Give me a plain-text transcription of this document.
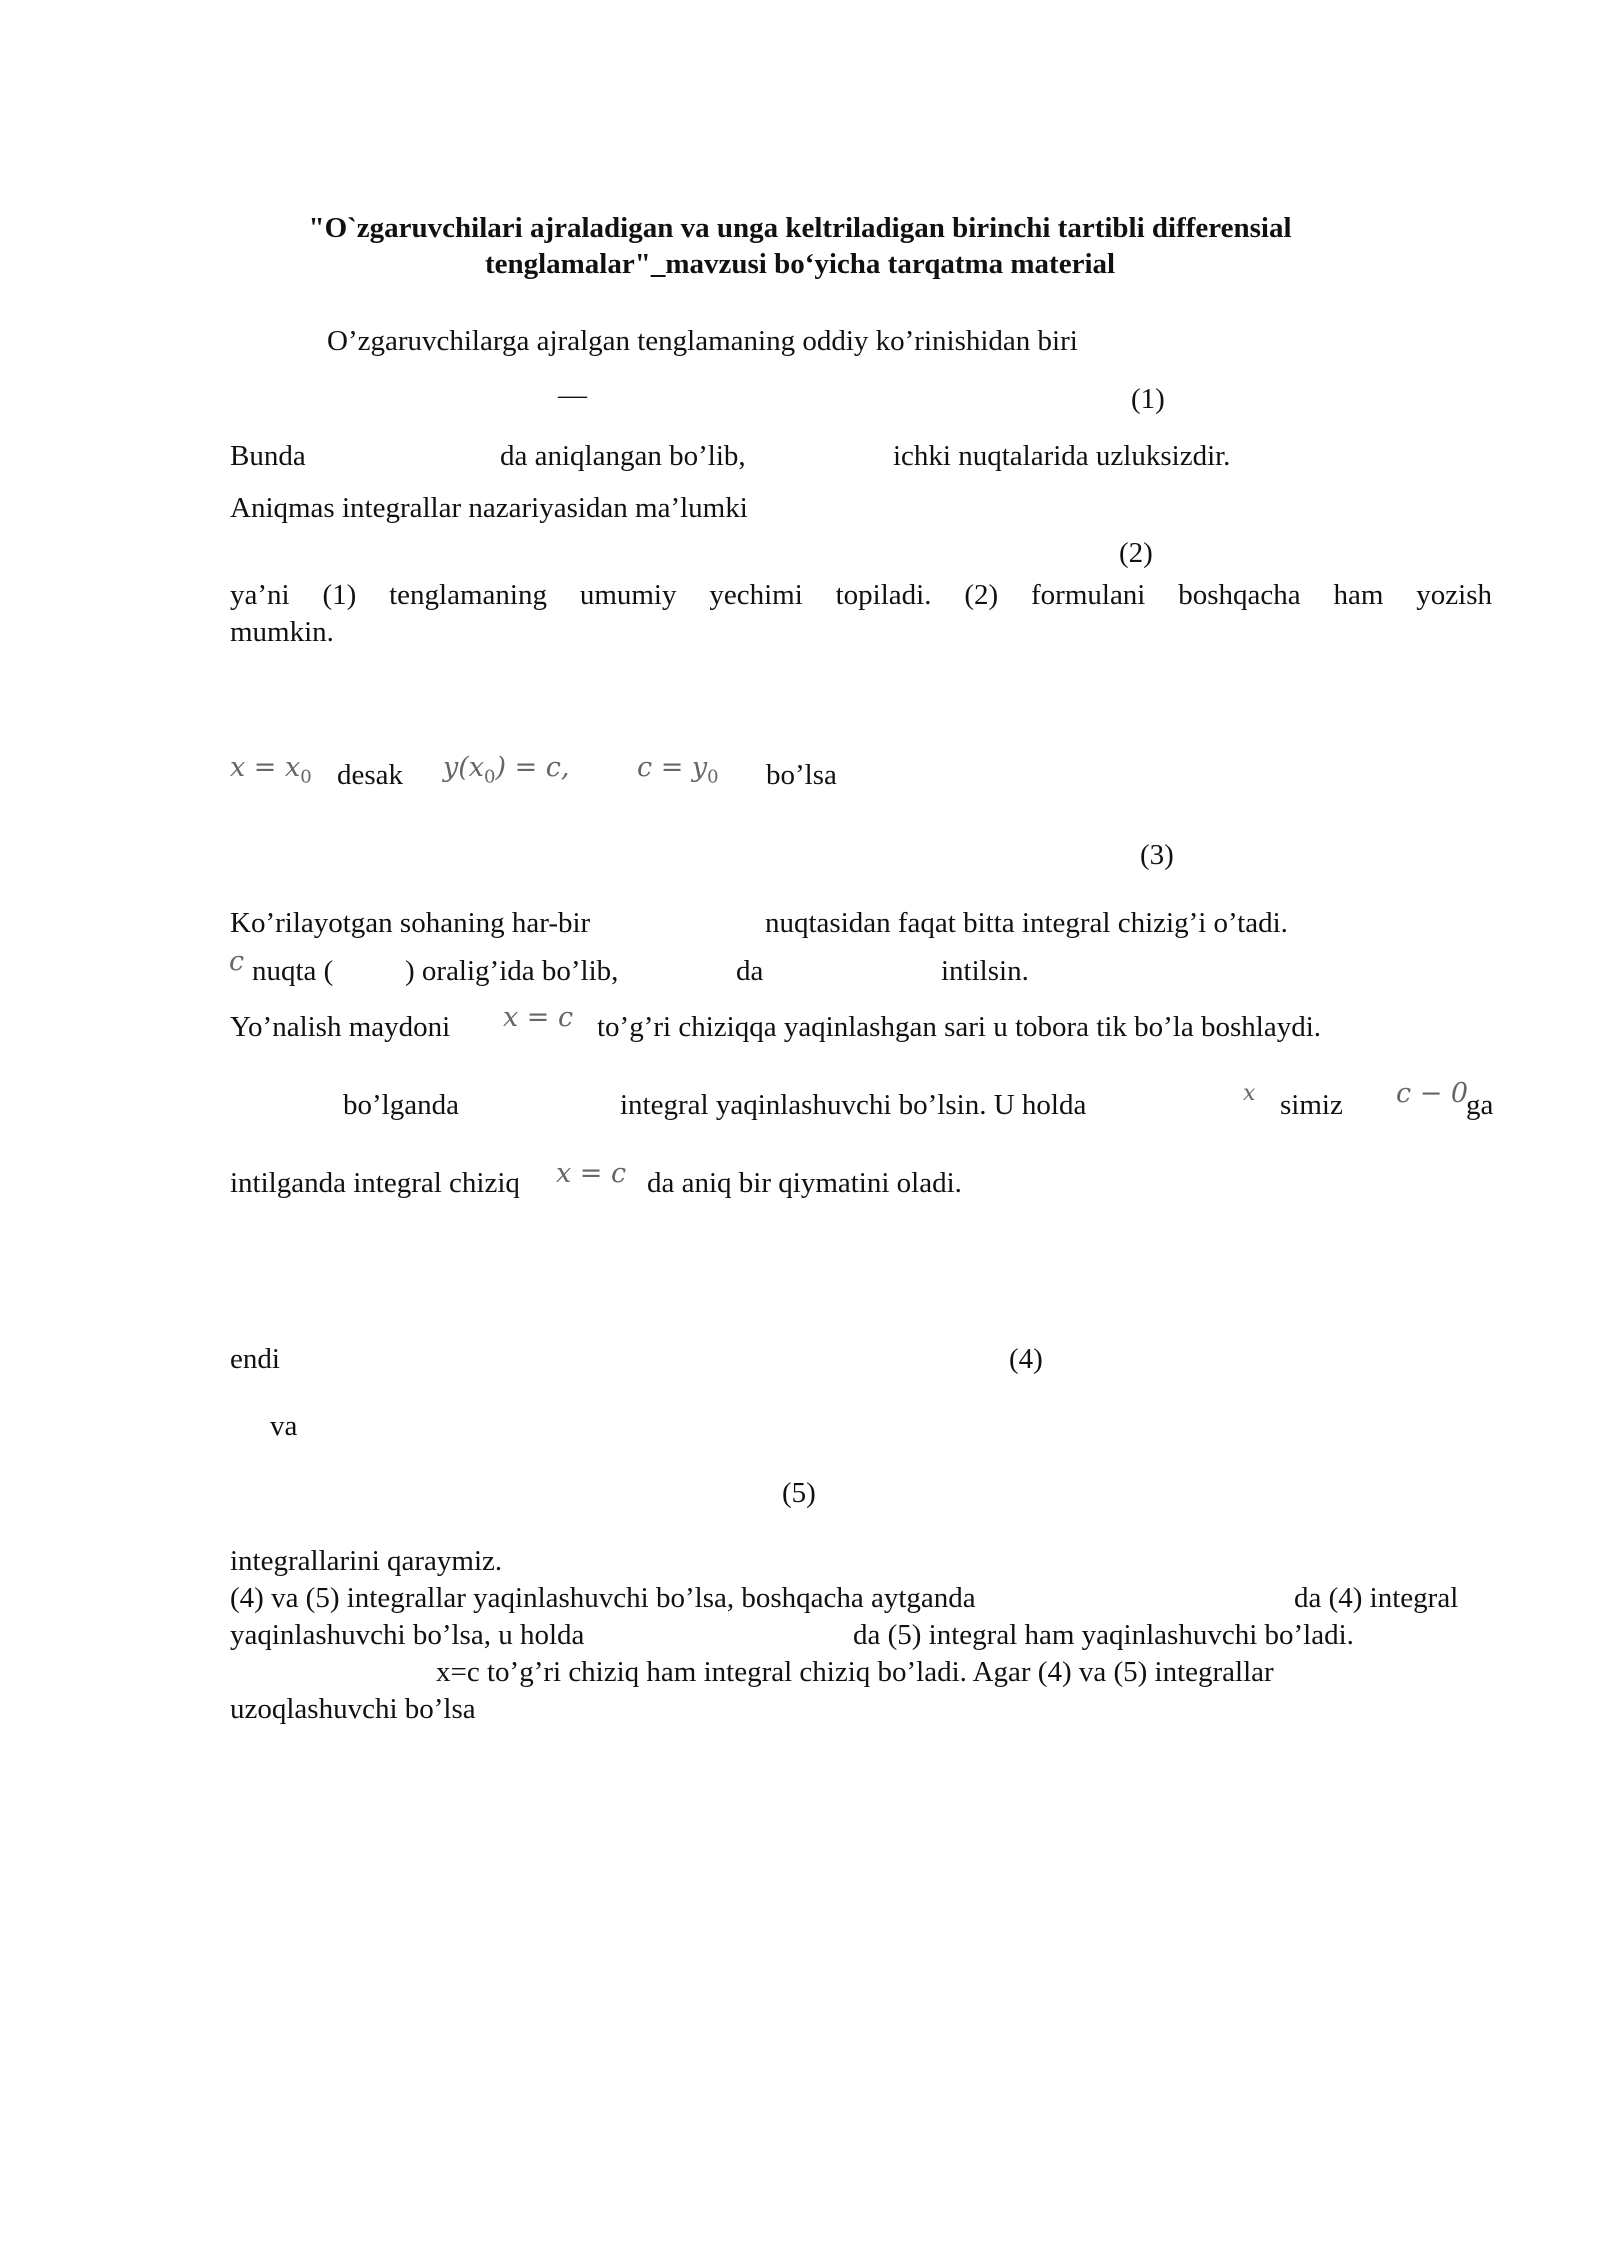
"O`zgaruvchilari ajraladigan va unga keltriladigan birinchi tartibli differensial
tenglamalar"_mavzusi bo‘yicha tarqatma material
O’zgaruvchilarga ajralgan tenglamaning oddiy ko’rinishidan biri
—	(1)
Bunda	da aniqlangan bo’lib,	ichki nuqtalarida uzluksizdir.
Aniqmas integrallar nazariyasidan ma’lumki
(2)
ya’ni (1) tenglamaning umumiy yechimi topiladi. (2) formulani boshqacha ham yozish
mumkin.
$x = x_0$ desak $y(x_0) = c$,	$c = y_0$ bo’lsa
(3)
Ko’rilayotgan sohaning har-bir	nuqtasidan faqat bitta integral chizig’i o’tadi.
c nuqta ( ) oralig’ida bo’lib,	da	intilsin.
Yo’nalish maydoni x = c to’g’ri chiziqqa yaqinlashgan sari u tobora tik bo’la boshlaydi.
bo’lganda	integral yaqinlashuvchi bo’lsin. U holda	x simiz c − 0
ga
intilganda integral chiziq x = c da aniq bir qiymatini oladi.
endi	(4)
va
(5)
integrallarini qaraymiz.
(4) va (5) integrallar yaqinlashuvchi bo’lsa, boshqacha aytganda	da (4) integral
yaqinlashuvchi bo’lsa, u holda	da (5) integral ham yaqinlashuvchi bo’ladi.
x=c to’g’ri chiziq ham integral chiziq bo’ladi. Agar (4) va (5) integrallar
uzoqlashuvchi bo’lsa
